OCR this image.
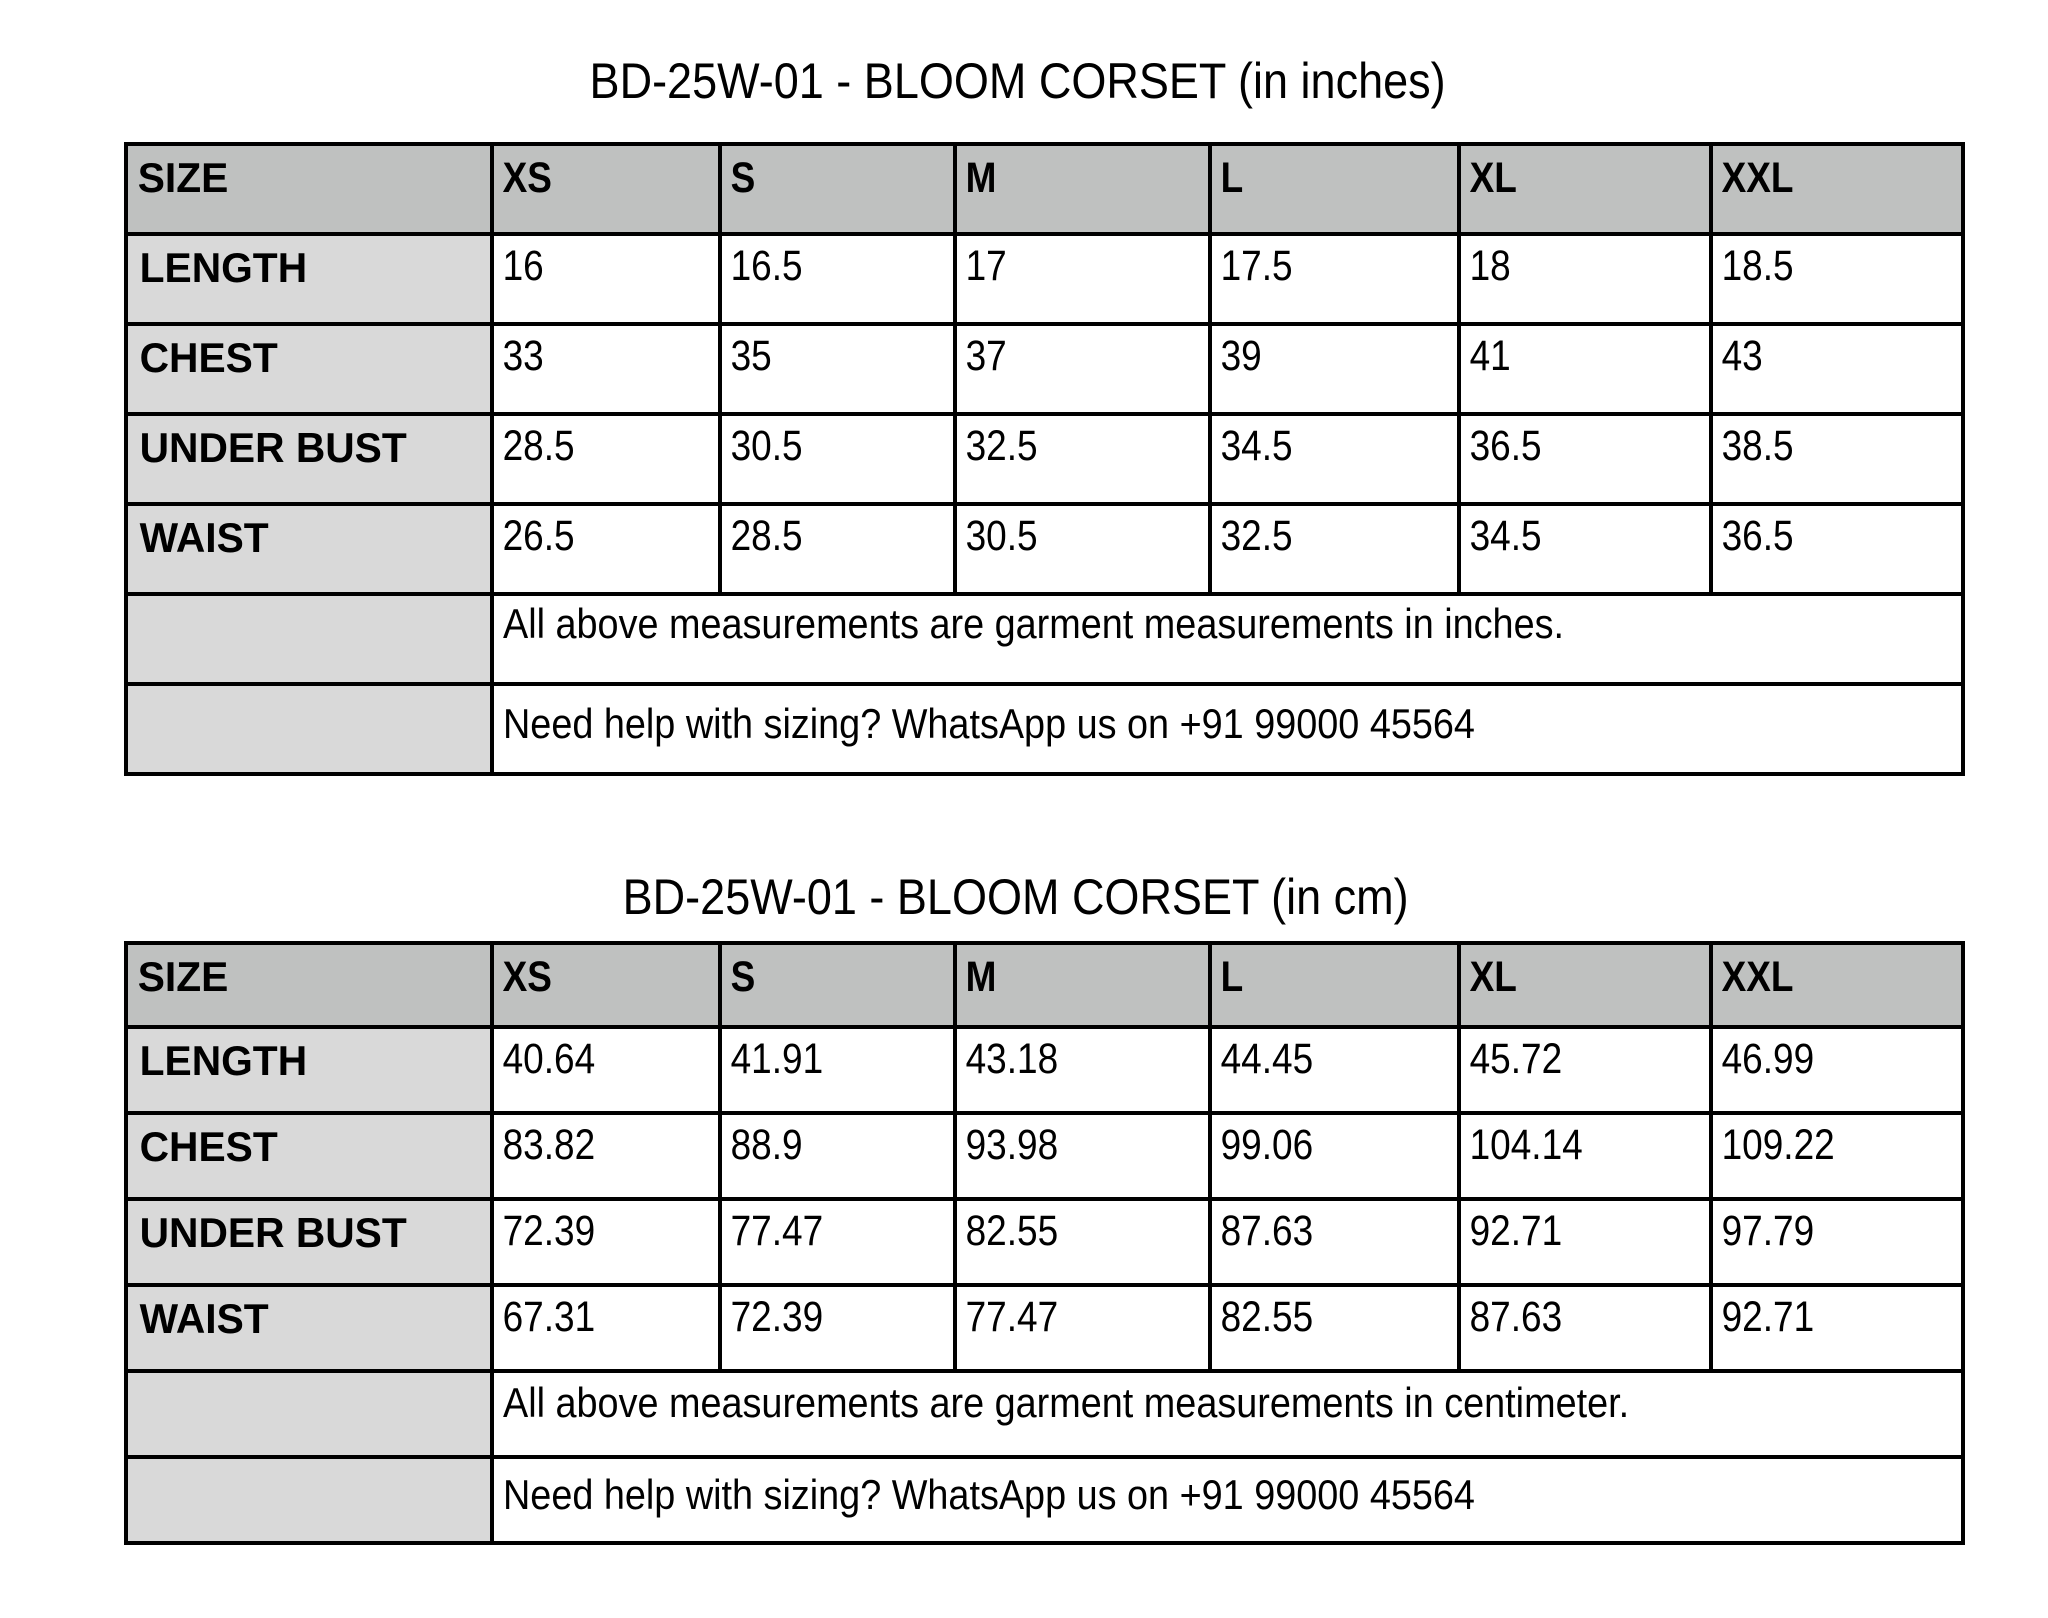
BD-25W-01 - BLOOM CORSET (in inches)
SIZE	XS	S	M	L	XL	XXL
LENGTH	16	16.5	17	17.5	18	18.5
CHEST	33	35	37	39	41	43
UNDER BUST	28.5	30.5	32.5	34.5	36.5	38.5
WAIST	26.5	28.5	30.5	32.5	34.5	36.5
	All above measurements are garment measurements in inches.					
	Need help with sizing? WhatsApp us on +91 99000 45564					
BD-25W-01 - BLOOM CORSET (in cm)
SIZE	XS	S	M	L	XL	XXL
LENGTH	40.64	41.91	43.18	44.45	45.72	46.99
CHEST	83.82	88.9	93.98	99.06	104.14	109.22
UNDER BUST	72.39	77.47	82.55	87.63	92.71	97.79
WAIST	67.31	72.39	77.47	82.55	87.63	92.71
	All above measurements are garment measurements in centimeter.					
	Need help with sizing? WhatsApp us on +91 99000 45564					
